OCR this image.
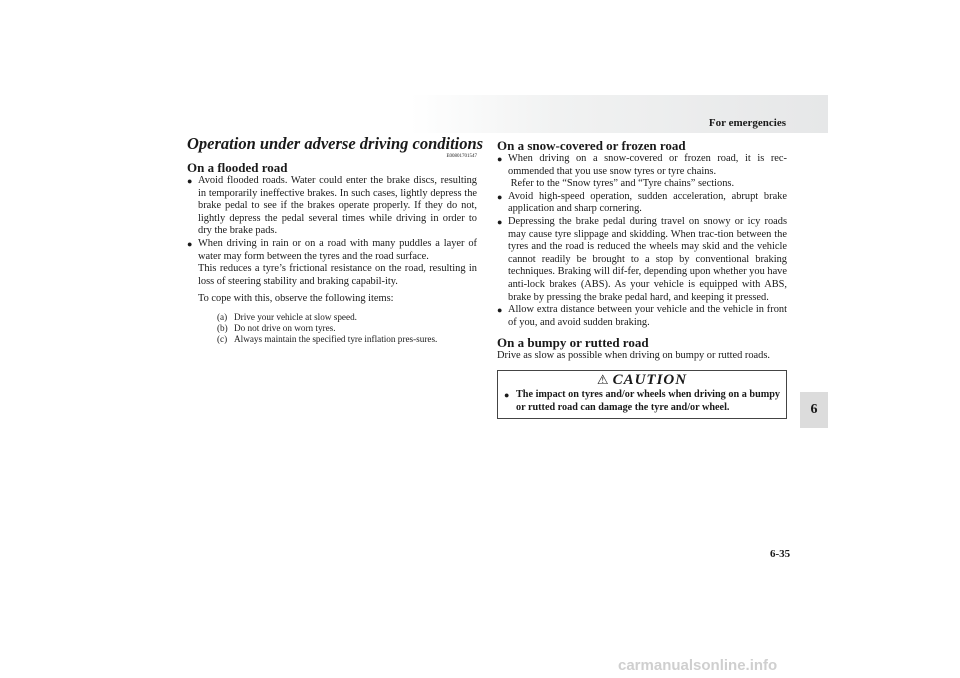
For emergencies
6
6-35
Operation under adverse driving conditions
E00801701547
On a flooded road
● Avoid flooded roads. Water could enter the brake discs, resulting in temporarily ineffective brakes. In such cases, lightly depress the brake pedal to see if the brakes operate properly. If they do not, lightly depress the pedal several times while driving in order to dry the brake pads.
● When driving in rain or on a road with many puddles a layer of water may form between the tyres and the road surface.
This reduces a tyre’s frictional resistance on the road, resulting in loss of steering stability and braking capabil-ity.
To cope with this, observe the following items:
(a) Drive your vehicle at slow speed.
(b) Do not drive on worn tyres.
(c) Always maintain the specified tyre inflation pres-sures.
On a snow-covered or frozen road
● When driving on a snow-covered or frozen road, it is rec-ommended that you use snow tyres or tyre chains.
Refer to the “Snow tyres” and “Tyre chains” sections.
● Avoid high-speed operation, sudden acceleration, abrupt brake application and sharp cornering.
● Depressing the brake pedal during travel on snowy or icy roads may cause tyre slippage and skidding. When trac-tion between the tyres and the road is reduced the wheels may skid and the vehicle cannot readily be brought to a stop by conventional braking techniques. Braking will dif-fer, depending upon whether you have anti-lock brakes (ABS). As your vehicle is equipped with ABS, brake by pressing the brake pedal hard, and keeping it pressed.
● Allow extra distance between your vehicle and the vehicle in front of you, and avoid sudden braking.
On a bumpy or rutted road

Drive as slow as possible when driving on bumpy or rutted roads.

⚠ CAUTION
● The impact on tyres and/or wheels when driving on a bumpy or rutted road can damage the tyre and/or wheel.
carmanualsonline.info
